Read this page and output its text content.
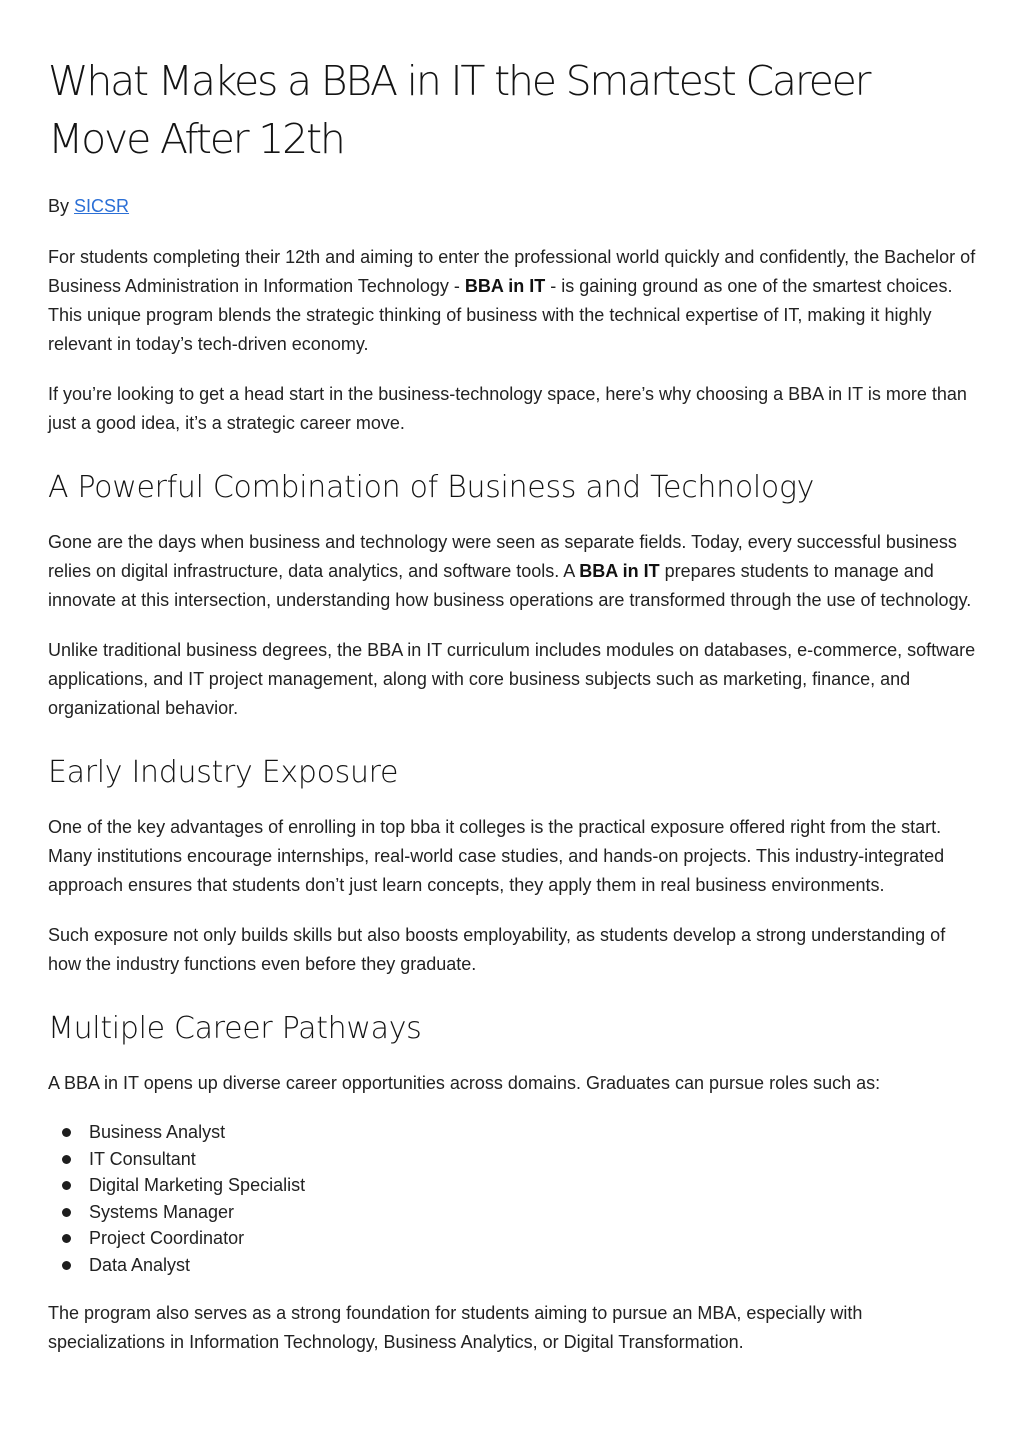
What Makes a BBA in IT the Smartest Career Move After 12th
By SICSR

For students completing their 12th and aiming to enter the professional world quickly and confidently, the Bachelor of Business Administration in Information Technology - BBA in IT - is gaining ground as one of the smartest choices. This unique program blends the strategic thinking of business with the technical expertise of IT, making it highly relevant in today’s tech-driven economy.

If you’re looking to get a head start in the business-technology space, here’s why choosing a BBA in IT is more than just a good idea, it’s a strategic career move.

A Powerful Combination of Business and Technology

Gone are the days when business and technology were seen as separate fields. Today, every successful business relies on digital infrastructure, data analytics, and software tools. A BBA in IT prepares students to manage and innovate at this intersection, understanding how business operations are transformed through the use of technology.

Unlike traditional business degrees, the BBA in IT curriculum includes modules on databases, e-commerce, software applications, and IT project management, along with core business subjects such as marketing, finance, and organizational behavior.

Early Industry Exposure

One of the key advantages of enrolling in top bba it colleges is the practical exposure offered right from the start. Many institutions encourage internships, real-world case studies, and hands-on projects. This industry-integrated approach ensures that students don’t just learn concepts, they apply them in real business environments.

Such exposure not only builds skills but also boosts employability, as students develop a strong understanding of how the industry functions even before they graduate.

Multiple Career Pathways

A BBA in IT opens up diverse career opportunities across domains. Graduates can pursue roles such as:

Business Analyst
IT Consultant
Digital Marketing Specialist
Systems Manager
Project Coordinator
Data Analyst

The program also serves as a strong foundation for students aiming to pursue an MBA, especially with specializations in Information Technology, Business Analytics, or Digital Transformation.
